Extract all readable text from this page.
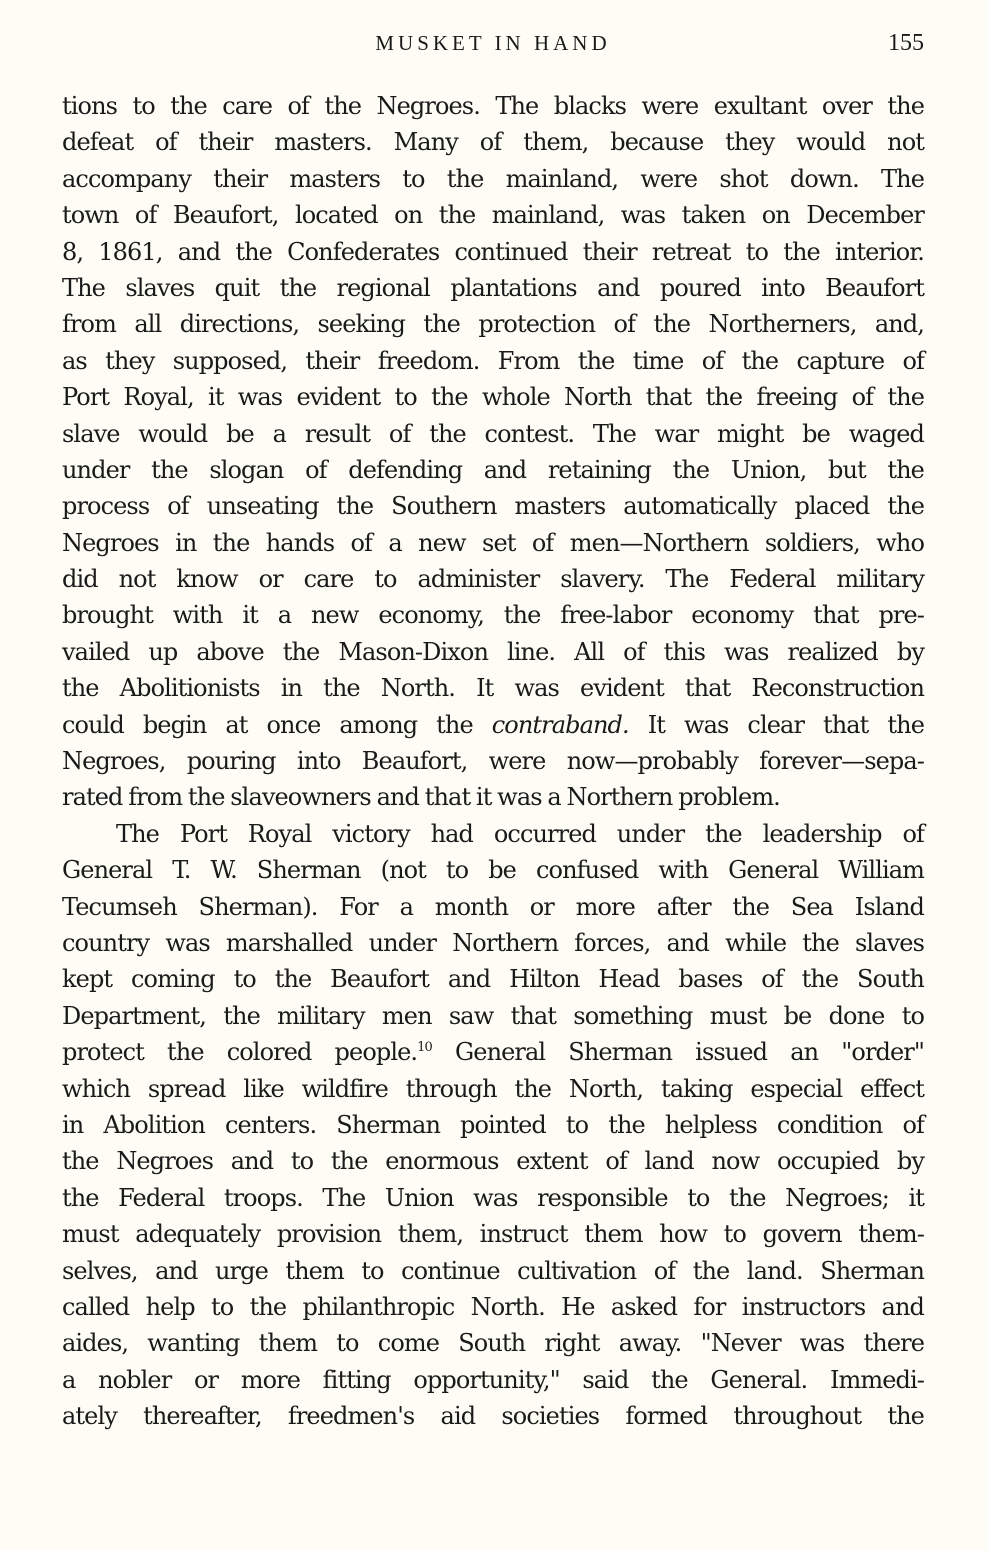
MUSKET IN HAND	155
tions to the care of the Negroes. The blacks were exultant over the
defeat of their masters. Many of them, because they would not
accompany their masters to the mainland, were shot down. The
town of Beaufort, located on the mainland, was taken on December
8, 1861, and the Confederates continued their retreat to the interior.
The slaves quit the regional plantations and poured into Beaufort
from all directions, seeking the protection of the Northerners, and,
as they supposed, their freedom. From the time of the capture of
Port Royal, it was evident to the whole North that the freeing of the
slave would be a result of the contest. The war might be waged
under the slogan of defending and retaining the Union, but the
process of unseating the Southern masters automatically placed the
Negroes in the hands of a new set of men—Northern soldiers, who
did not know or care to administer slavery. The Federal military
brought with it a new economy, the free-labor economy that pre-
vailed up above the Mason-Dixon line. All of this was realized by
the Abolitionists in the North. It was evident that Reconstruction
could begin at once among the contraband. It was clear that the
Negroes, pouring into Beaufort, were now—probably forever—sepa-
rated from the slaveowners and that it was a Northern problem.
The Port Royal victory had occurred under the leadership of
General T. W. Sherman (not to be confused with General William
Tecumseh Sherman). For a month or more after the Sea Island
country was marshalled under Northern forces, and while the slaves
kept coming to the Beaufort and Hilton Head bases of the South
Department, the military men saw that something must be done to
protect the colored people.$^{10}$ General Sherman issued an "order"
which spread like wildfire through the North, taking especial effect
in Abolition centers. Sherman pointed to the helpless condition of
the Negroes and to the enormous extent of land now occupied by
the Federal troops. The Union was responsible to the Negroes; it
must adequately provision them, instruct them how to govern them-
selves, and urge them to continue cultivation of the land. Sherman
called help to the philanthropic North. He asked for instructors and
aides, wanting them to come South right away. "Never was there
a nobler or more fitting opportunity," said the General. Immedi-
ately thereafter, freedmen's aid societies formed throughout the
